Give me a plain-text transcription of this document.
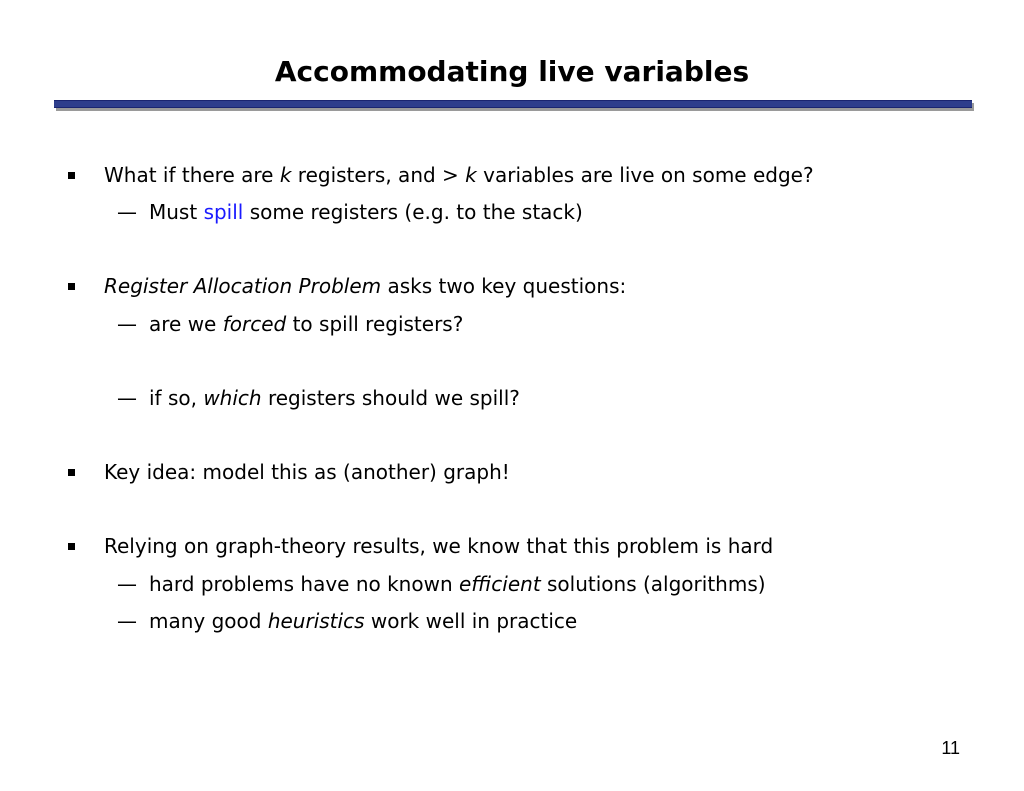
Accommodating live variables
What if there are k registers, and > k variables are live on some edge?
— Must spill some registers (e.g. to the stack)
Register Allocation Problem asks two key questions:
— are we forced to spill registers?
— if so, which registers should we spill?
Key idea: model this as (another) graph!
Relying on graph-theory results, we know that this problem is hard
— hard problems have no known efficient solutions (algorithms)
— many good heuristics work well in practice
11
